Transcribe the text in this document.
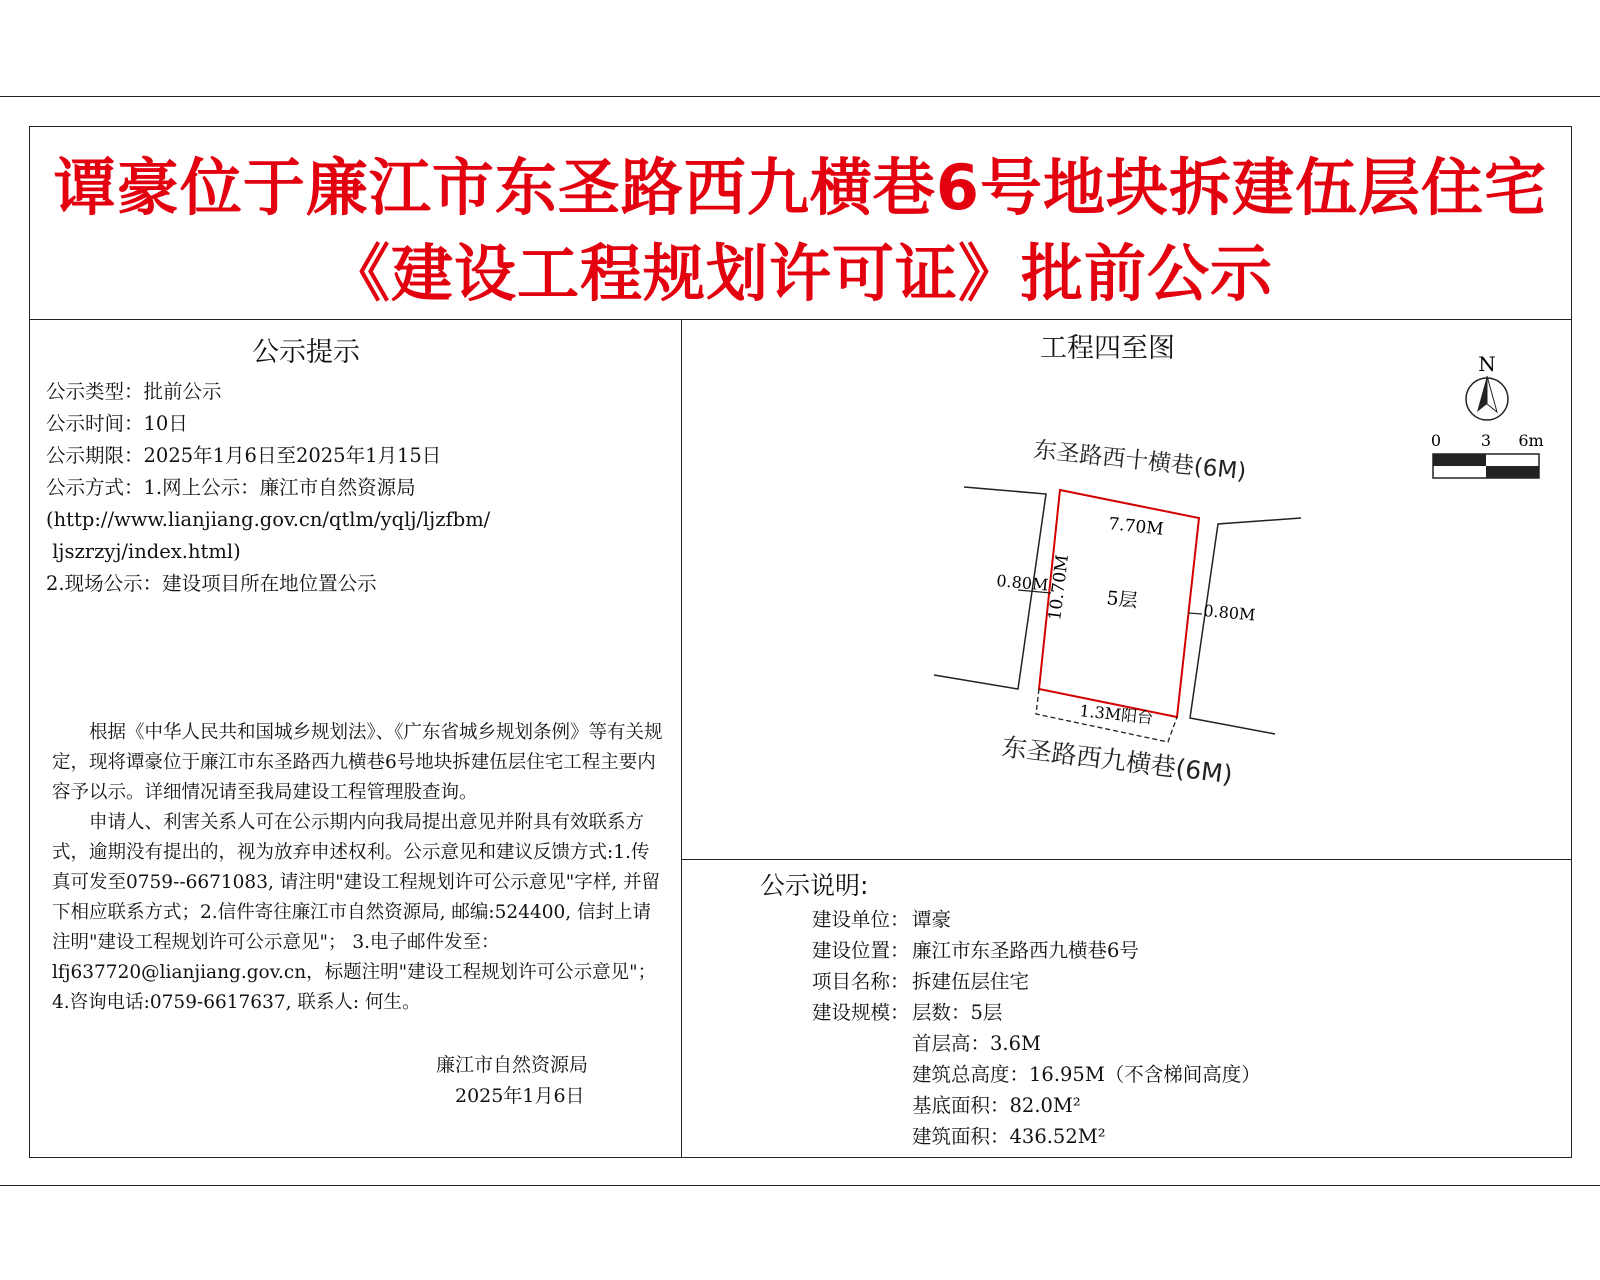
谭豪位于廉江市东圣路西九横巷6号地块拆建伍层住宅
《建设工程规划许可证》批前公示
公示提示
公示类型：批前公示
公示时间：10日
公示期限：2025年1月6日至2025年1月15日
公示方式：1.网上公示：廉江市自然资源局
(http://www.lianjiang.gov.cn/qtlm/yqlj/ljzfbm/
ljszrzyj/index.html)
2.现场公示：建设项目所在地位置公示

　　根据《中华人民共和国城乡规划法》、《广东省城乡规划条例》等有关规定，现将谭豪位于廉江市东圣路西九横巷6号地块拆建伍层住宅工程主要内容予以示。详细情况请至我局建设工程管理股查询。

　　申请人、利害关系人可在公示期内向我局提出意见并附具有效联系方式，逾期没有提出的，视为放弃申述权利。公示意见和建议反馈方式:1.传真可发至0759--6671083, 请注明"建设工程规划许可公示意见"字样, 并留下相应联系方式；2.信件寄往廉江市自然资源局, 邮编:524400, 信封上请注明"建设工程规划许可公示意见"； 3.电子邮件发至：lfj637720@lianjiang.gov.cn，标题注明"建设工程规划许可公示意见"；4.咨询电话:0759-6617637, 联系人: 何生。

廉江市自然资源局
2025年1月6日
工程四至图	N
0 3 6m
东圣路西十横巷(6M)
东圣路西九横巷(6M)
7.70M
10.70M
0.80M
0.80M
1.3M阳台
5层
公示说明:
建设单位： 谭豪
建设位置： 廉江市东圣路西九横巷6号
项目名称： 拆建伍层住宅
建设规模： 层数：5层
首层高：3.6M
建筑总高度：16.95M（不含梯间高度）
基底面积：82.0M²
建筑面积：436.52M²
